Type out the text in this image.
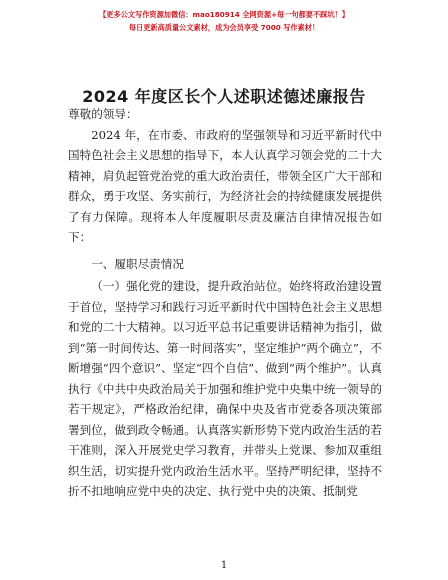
【更多公文写作资源加微信：mao180914 全网资源+每一句都要不踩坑！】
每日更新高质量公文素材，成为会员享受 7000 写作素材！
2024 年度区长个人述职述德述廉报告

尊敬的领导：

2024 年，在市委、市政府的坚强领导和习近平新时代中国特色社会主义思想的指导下，本人认真学习领会党的二十大精神，肩负起管党治党的重大政治责任，带领全区广大干部和群众，勇于攻坚、务实前行，为经济社会的持续健康发展提供了有力保障。现将本人年度履职尽责及廉洁自律情况报告如下：

一、履职尽责情况

（一）强化党的建设，提升政治站位。始终将政治建设置于首位，坚持学习和践行习近平新时代中国特色社会主义思想和党的二十大精神。以习近平总书记重要讲话精神为指引，做到“第一时间传达、第一时间落实”，坚定维护“两个确立”，不断增强“四个意识”、坚定“四个自信”、做到“两个维护”。认真执行《中共中央政治局关于加强和维护党中央集中统一领导的若干规定》，严格政治纪律，确保中央及省市党委各项决策部署到位，做到政令畅通。认真落实新形势下党内政治生活的若干准则，深入开展党史学习教育，并带头上党课、参加双重组织生活，切实提升党内政治生活水平。坚持严明纪律，坚持不折不扣地响应党中央的决定、执行党中央的决策、抵制党

1
